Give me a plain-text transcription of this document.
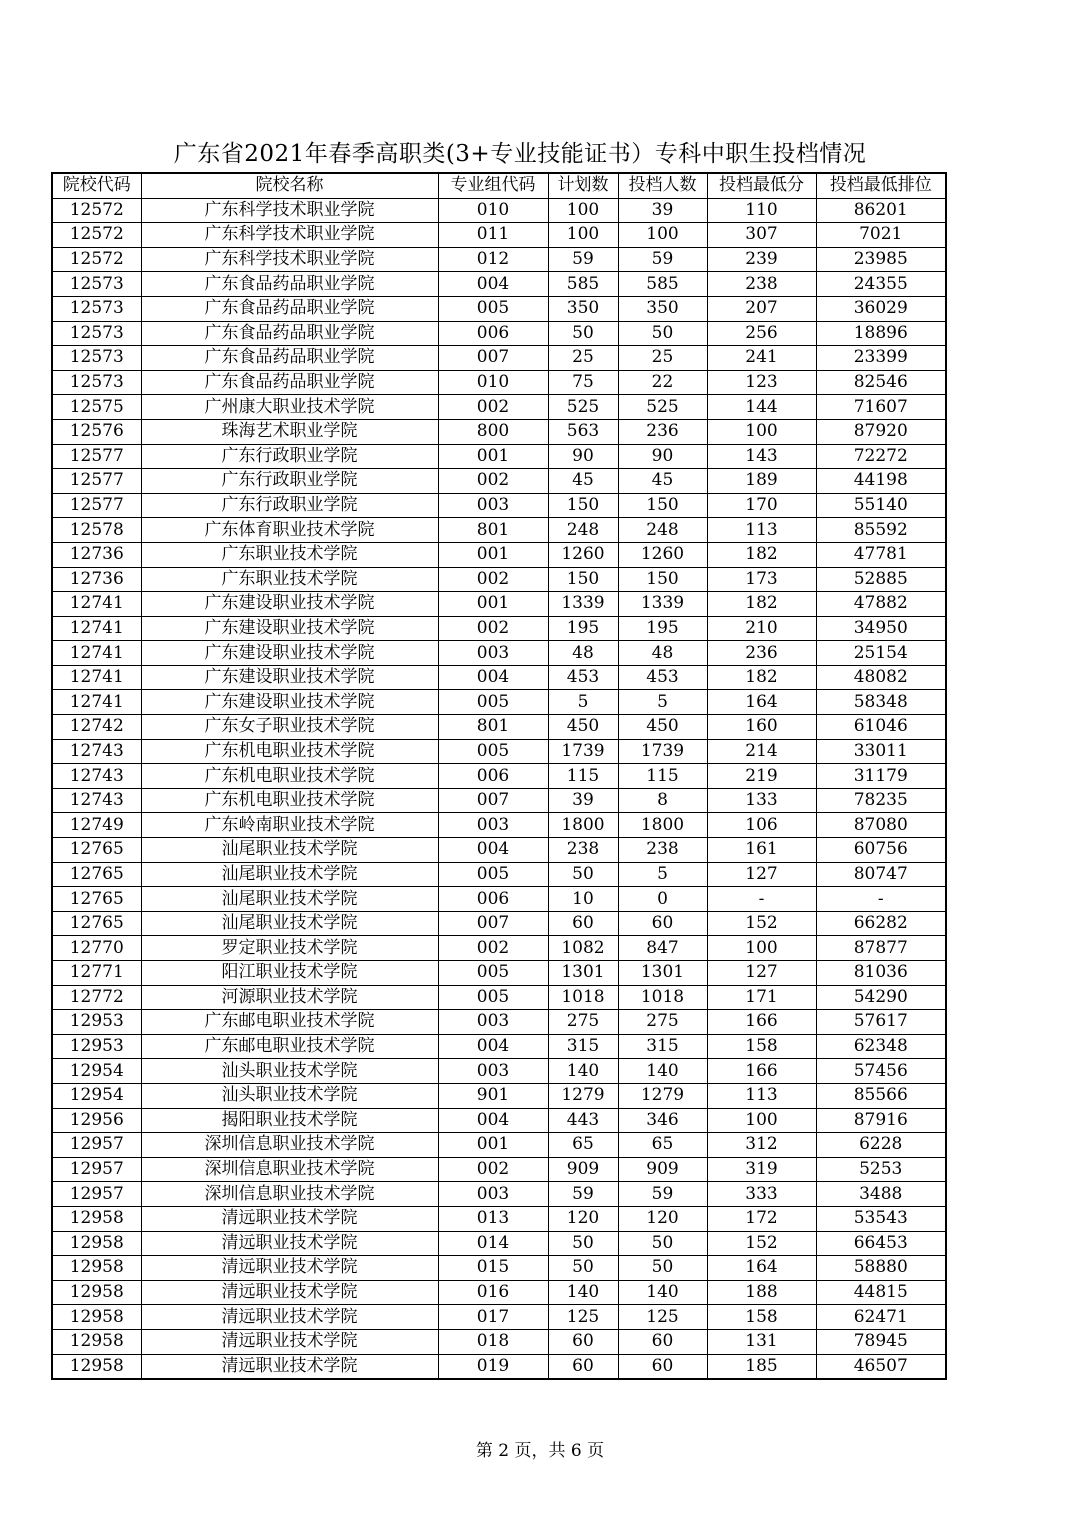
广东省2021年春季高职类(3+专业技能证书）专科中职生投档情况
院校代码	院校名称	专业组代码	计划数	投档人数	投档最低分	投档最低排位
12572	广东科学技术职业学院	010	100	39	110	86201
12572	广东科学技术职业学院	011	100	100	307	7021
12572	广东科学技术职业学院	012	59	59	239	23985
12573	广东食品药品职业学院	004	585	585	238	24355
12573	广东食品药品职业学院	005	350	350	207	36029
12573	广东食品药品职业学院	006	50	50	256	18896
12573	广东食品药品职业学院	007	25	25	241	23399
12573	广东食品药品职业学院	010	75	22	123	82546
12575	广州康大职业技术学院	002	525	525	144	71607
12576	珠海艺术职业学院	800	563	236	100	87920
12577	广东行政职业学院	001	90	90	143	72272
12577	广东行政职业学院	002	45	45	189	44198
12577	广东行政职业学院	003	150	150	170	55140
12578	广东体育职业技术学院	801	248	248	113	85592
12736	广东职业技术学院	001	1260	1260	182	47781
12736	广东职业技术学院	002	150	150	173	52885
12741	广东建设职业技术学院	001	1339	1339	182	47882
12741	广东建设职业技术学院	002	195	195	210	34950
12741	广东建设职业技术学院	003	48	48	236	25154
12741	广东建设职业技术学院	004	453	453	182	48082
12741	广东建设职业技术学院	005	5	5	164	58348
12742	广东女子职业技术学院	801	450	450	160	61046
12743	广东机电职业技术学院	005	1739	1739	214	33011
12743	广东机电职业技术学院	006	115	115	219	31179
12743	广东机电职业技术学院	007	39	8	133	78235
12749	广东岭南职业技术学院	003	1800	1800	106	87080
12765	汕尾职业技术学院	004	238	238	161	60756
12765	汕尾职业技术学院	005	50	5	127	80747
12765	汕尾职业技术学院	006	10	0	-	-
12765	汕尾职业技术学院	007	60	60	152	66282
12770	罗定职业技术学院	002	1082	847	100	87877
12771	阳江职业技术学院	005	1301	1301	127	81036
12772	河源职业技术学院	005	1018	1018	171	54290
12953	广东邮电职业技术学院	003	275	275	166	57617
12953	广东邮电职业技术学院	004	315	315	158	62348
12954	汕头职业技术学院	003	140	140	166	57456
12954	汕头职业技术学院	901	1279	1279	113	85566
12956	揭阳职业技术学院	004	443	346	100	87916
12957	深圳信息职业技术学院	001	65	65	312	6228
12957	深圳信息职业技术学院	002	909	909	319	5253
12957	深圳信息职业技术学院	003	59	59	333	3488
12958	清远职业技术学院	013	120	120	172	53543
12958	清远职业技术学院	014	50	50	152	66453
12958	清远职业技术学院	015	50	50	164	58880
12958	清远职业技术学院	016	140	140	188	44815
12958	清远职业技术学院	017	125	125	158	62471
12958	清远职业技术学院	018	60	60	131	78945
12958	清远职业技术学院	019	60	60	185	46507
第 2 页，共 6 页
